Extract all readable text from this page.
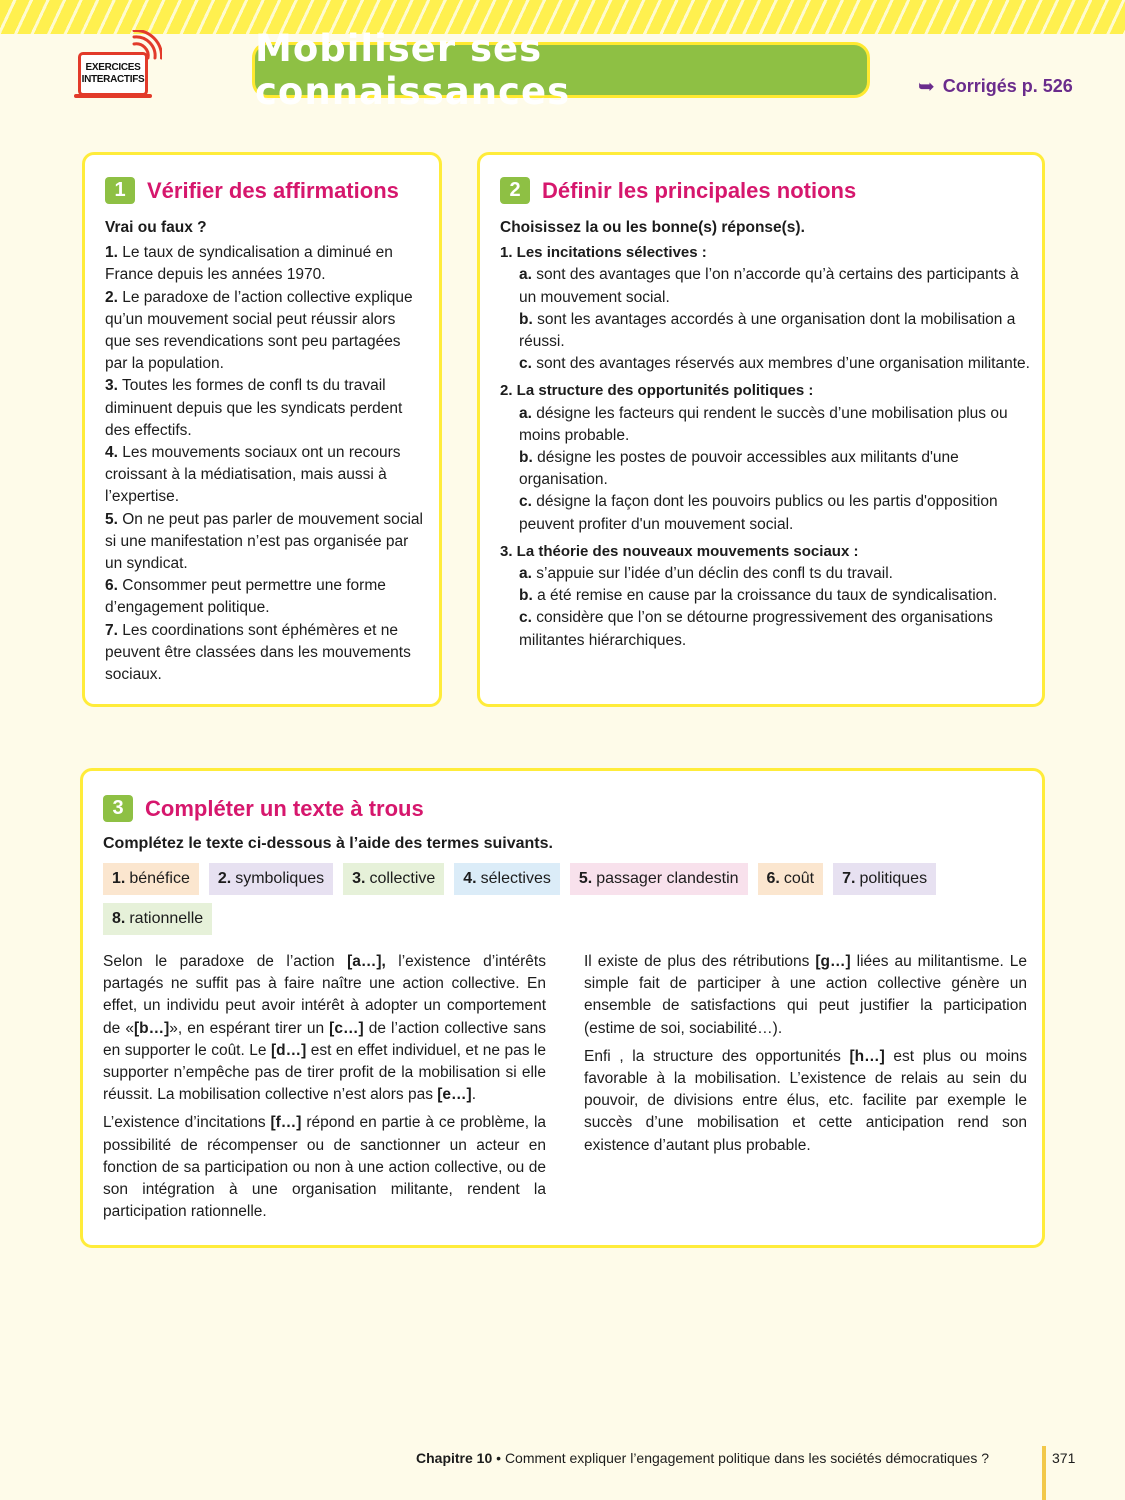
EXERCICES
INTERACTIFS
Mobiliser ses connaissances	➥ Corrigés p. 526
1 Vérifier des affirmations
Vrai ou faux ?
1. Le taux de syndicalisation a diminué en France depuis les années 1970.
2. Le paradoxe de l’action collective explique qu’un mouvement social peut réussir alors que ses revendications sont peu partagées par la population.
3. Toutes les formes de confl ts du travail diminuent depuis que les syndicats perdent des effectifs.
4. Les mouvements sociaux ont un recours croissant à la médiatisation, mais aussi à l’expertise.
5. On ne peut pas parler de mouvement social si une manifestation n’est pas organisée par un syndicat.
6. Consommer peut permettre une forme d’engagement politique.
7. Les coordinations sont éphémères et ne peuvent être classées dans les mouvements sociaux.
2 Définir les principales notions
Choisissez la ou les bonne(s) réponse(s).
1. Les incitations sélectives :
a. sont des avantages que l’on n’accorde qu’à certains des participants à un mouvement social.
b. sont les avantages accordés à une organisation dont la mobilisation a réussi.
c. sont des avantages réservés aux membres d’une organisation militante.
2. La structure des opportunités politiques :
a. désigne les facteurs qui rendent le succès d’une mobilisation plus ou moins probable.
b. désigne les postes de pouvoir accessibles aux militants d'une organisation.
c. désigne la façon dont les pouvoirs publics ou les partis d'opposition peuvent profiter d'un mouvement social.
3. La théorie des nouveaux mouvements sociaux :
a. s’appuie sur l’idée d’un déclin des confl ts du travail.
b. a été remise en cause par la croissance du taux de syndicalisation.
c. considère que l’on se détourne progressivement des organisations militantes hiérarchiques.
3 Compléter un texte à trous
Complétez le texte ci-dessous à l’aide des termes suivants.
1. bénéfice 2. symboliques 3. collective 4. sélectives 5. passager clandestin 6. coût 7. politiques
8. rationnelle

Selon le paradoxe de l’action [a…], l’existence d’intérêts partagés ne suffit pas à faire naître une action collective. En effet, un individu peut avoir intérêt à adopter un comportement de «[b…]», en espérant tirer un [c…] de l’action collective sans en supporter le coût. Le [d…] est en effet individuel, et ne pas le supporter n’empêche pas de tirer profit de la mobilisation si elle réussit. La mobilisation collective n’est alors pas [e…].

L’existence d’incitations [f…] répond en partie à ce problème, la possibilité de récompenser ou de sanctionner un acteur en fonction de sa participation ou non à une action collective, ou de son intégration à une organisation militante, rendent la participation rationnelle.

Il existe de plus des rétributions [g…] liées au militantisme. Le simple fait de participer à une action collective génère un ensemble de satisfactions qui peut justifier la participation (estime de soi, sociabilité…).

Enfi , la structure des opportunités [h…] est plus ou moins favorable à la mobilisation. L’existence de relais au sein du pouvoir, de divisions entre élus, etc. facilite par exemple le succès d’une mobilisation et cette anticipation rend son existence d’autant plus probable.

Chapitre 10 • Comment expliquer l’engagement politique dans les sociétés démocratiques ?	371
